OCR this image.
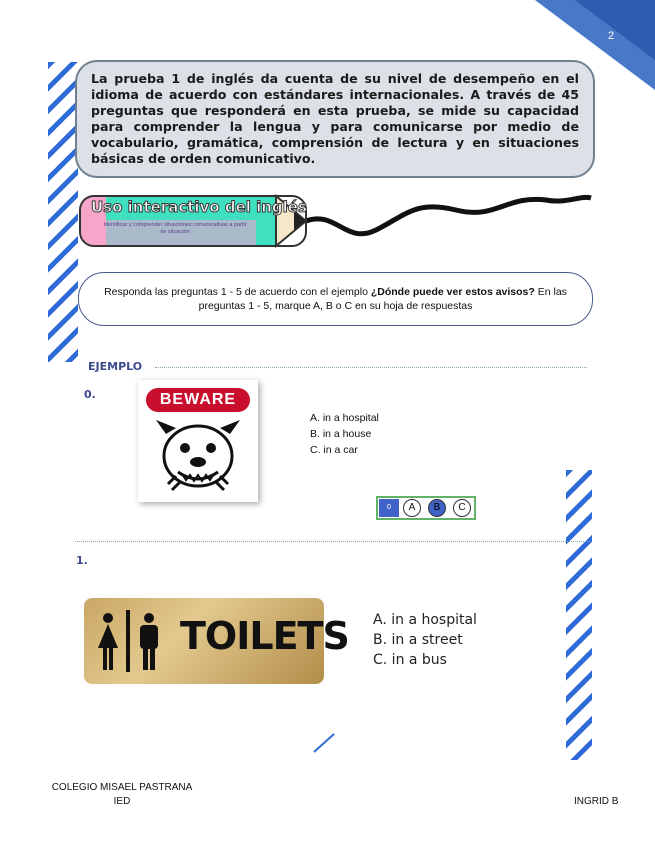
2
La prueba 1 de inglés da cuenta de su nivel de desempeño en el idioma de acuerdo con estándares internacionales. A través de 45 preguntas que responderá en esta prueba, se mide su capacidad para comprender la lengua y para comunicarse por medio de vocabulario, gramática, comprensión de lectura y en situaciones básicas de orden comunicativo.
Uso interactivo del inglés
Identificar y comprender situaciones comunicativas a partir de situación
Responda las preguntas 1 - 5 de acuerdo con el ejemplo ¿Dónde puede ver estos avisos? En las preguntas 1 - 5, marque A, B o C en su hoja de respuestas
EJEMPLO
0.	BEWARE
A. in a hospital
B. in a house
C. in a car
0	A	B	C
1.
TOILETS A. in a hospital
B. in a street
C. in a bus
COLEGIO MISAEL PASTRANA
IED	INGRID B
